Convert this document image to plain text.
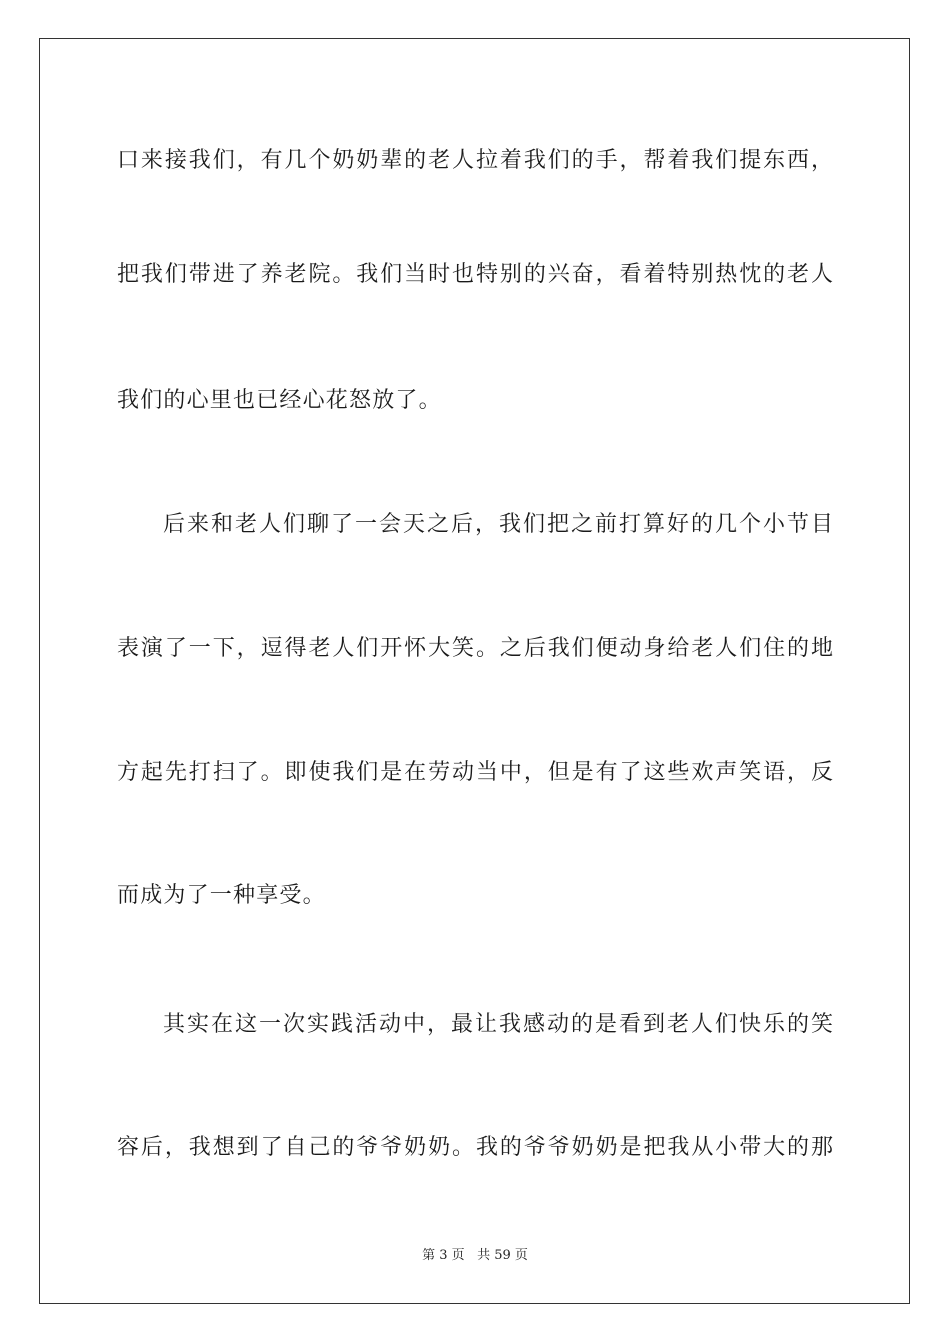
口来接我们，有几个奶奶辈的老人拉着我们的手，帮着我们提东西，
把我们带进了养老院。我们当时也特别的兴奋，看着特别热忱的老人
我们的心里也已经心花怒放了。
后来和老人们聊了一会天之后，我们把之前打算好的几个小节目
表演了一下，逗得老人们开怀大笑。之后我们便动身给老人们住的地
方起先打扫了。即使我们是在劳动当中，但是有了这些欢声笑语，反
而成为了一种享受。
其实在这一次实践活动中，最让我感动的是看到老人们快乐的笑
容后，我想到了自己的爷爷奶奶。我的爷爷奶奶是把我从小带大的那
第 3 页 共 59 页
